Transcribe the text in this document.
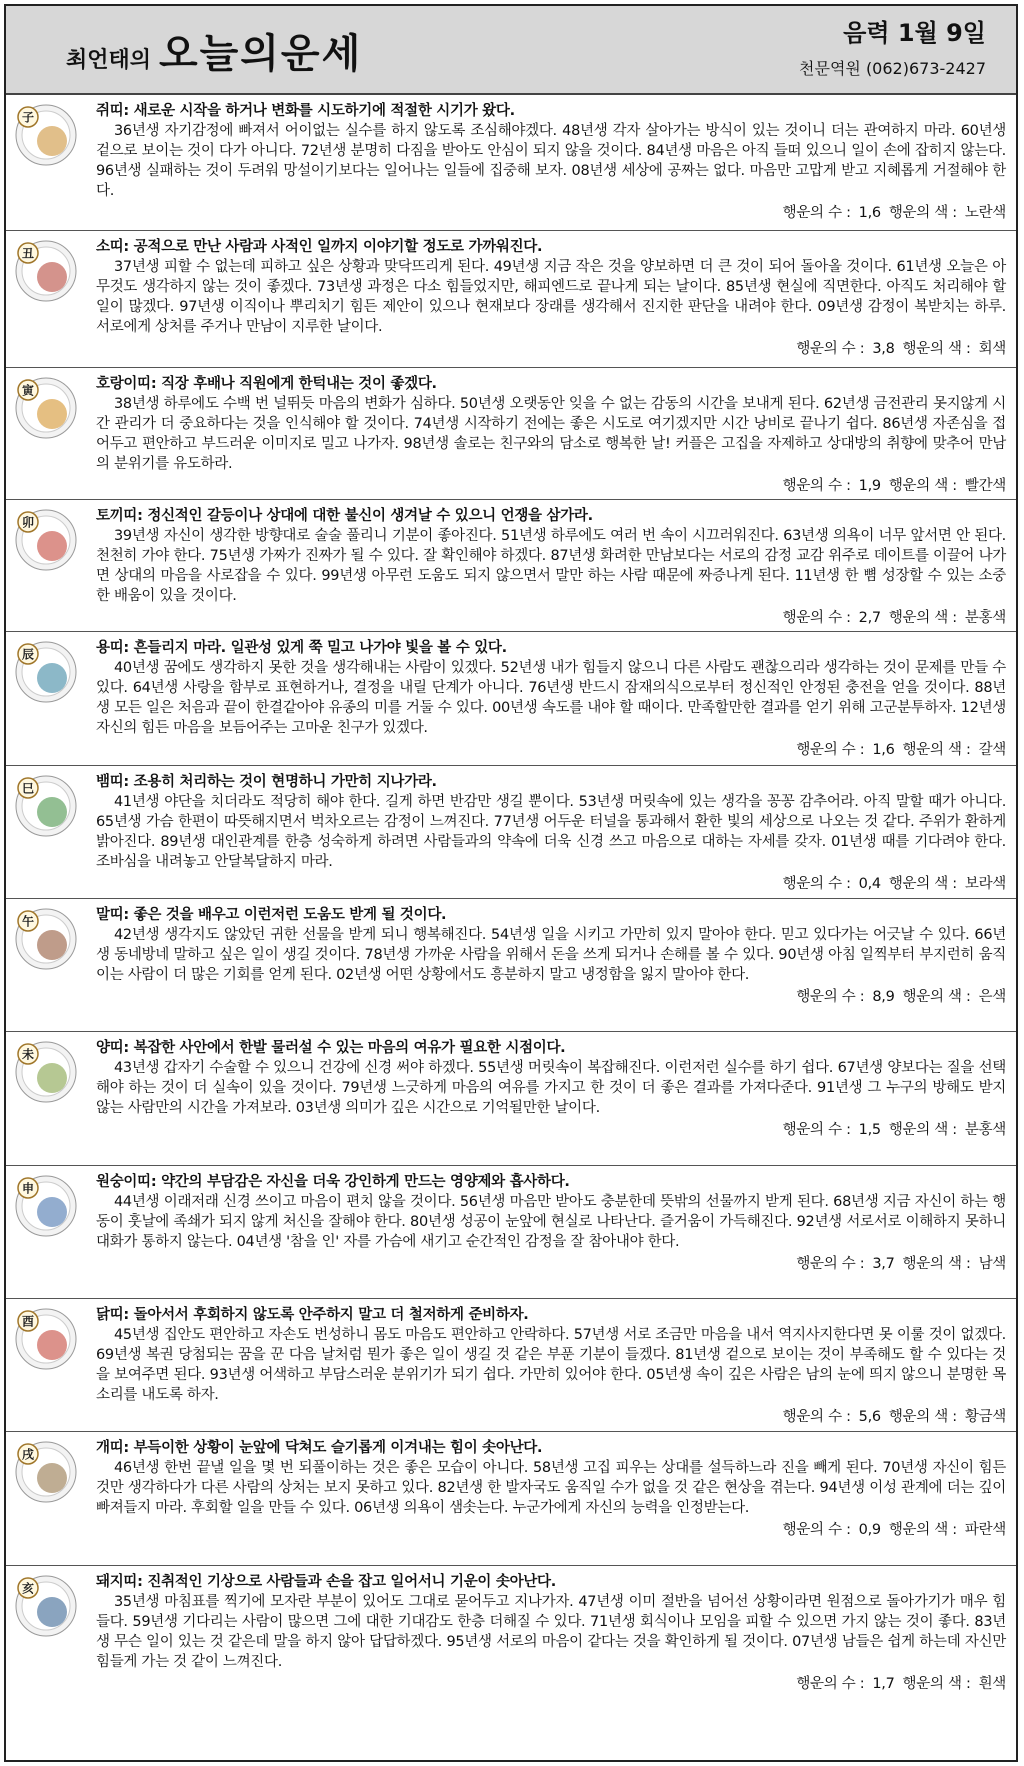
최언태의 오늘의운세	음력 1월 9일
천문역원 (062)673-2427
子	쥐띠: 새로운 시작을 하거나 변화를 시도하기에 적절한 시기가 왔다.
36년생 자기감정에 빠져서 어이없는 실수를 하지 않도록 조심해야겠다. 48년생 각자 살아가는 방식이 있는 것이니 더는 관여하지 마라. 60년생 겉으로 보이는 것이 다가 아니다. 72년생 분명히 다짐을 받아도 안심이 되지 않을 것이다. 84년생 마음은 아직 들떠 있으니 일이 손에 잡히지 않는다. 96년생 실패하는 것이 두려워 망설이기보다는 일어나는 일들에 집중해 보자. 08년생 세상에 공짜는 없다. 마음만 고맙게 받고 지혜롭게 거절해야 한다.
행운의 수 : 1,6 행운의 색 : 노란색
丑	소띠: 공적으로 만난 사람과 사적인 일까지 이야기할 정도로 가까워진다.
37년생 피할 수 없는데 피하고 싶은 상황과 맞닥뜨리게 된다. 49년생 지금 작은 것을 양보하면 더 큰 것이 되어 돌아올 것이다. 61년생 오늘은 아무것도 생각하지 않는 것이 좋겠다. 73년생 과정은 다소 힘들었지만, 해피엔드로 끝나게 되는 날이다. 85년생 현실에 직면한다. 아직도 처리해야 할 일이 많겠다. 97년생 이직이나 뿌리치기 힘든 제안이 있으나 현재보다 장래를 생각해서 진지한 판단을 내려야 한다. 09년생 감정이 복받치는 하루. 서로에게 상처를 주거나 만남이 지루한 날이다.
행운의 수 : 3,8 행운의 색 : 회색
寅	호랑이띠: 직장 후배나 직원에게 한턱내는 것이 좋겠다.
38년생 하루에도 수백 번 널뛰듯 마음의 변화가 심하다. 50년생 오랫동안 잊을 수 없는 감동의 시간을 보내게 된다. 62년생 금전관리 못지않게 시간 관리가 더 중요하다는 것을 인식해야 할 것이다. 74년생 시작하기 전에는 좋은 시도로 여기겠지만 시간 낭비로 끝나기 쉽다. 86년생 자존심을 접어두고 편안하고 부드러운 이미지로 밀고 나가자. 98년생 솔로는 친구와의 담소로 행복한 날! 커플은 고집을 자제하고 상대방의 취향에 맞추어 만남의 분위기를 유도하라.
행운의 수 : 1,9 행운의 색 : 빨간색
卯	토끼띠: 정신적인 갈등이나 상대에 대한 불신이 생겨날 수 있으니 언쟁을 삼가라.
39년생 자신이 생각한 방향대로 술술 풀리니 기분이 좋아진다. 51년생 하루에도 여러 번 속이 시끄러워진다. 63년생 의욕이 너무 앞서면 안 된다. 천천히 가야 한다. 75년생 가짜가 진짜가 될 수 있다. 잘 확인해야 하겠다. 87년생 화려한 만남보다는 서로의 감정 교감 위주로 데이트를 이끌어 나가면 상대의 마음을 사로잡을 수 있다. 99년생 아무런 도움도 되지 않으면서 말만 하는 사람 때문에 짜증나게 된다. 11년생 한 뼘 성장할 수 있는 소중한 배움이 있을 것이다.
행운의 수 : 2,7 행운의 색 : 분홍색
辰	용띠: 흔들리지 마라. 일관성 있게 쭉 밀고 나가야 빛을 볼 수 있다.
40년생 꿈에도 생각하지 못한 것을 생각해내는 사람이 있겠다. 52년생 내가 힘들지 않으니 다른 사람도 괜찮으리라 생각하는 것이 문제를 만들 수 있다. 64년생 사랑을 함부로 표현하거나, 결정을 내릴 단계가 아니다. 76년생 반드시 잠재의식으로부터 정신적인 안정된 충전을 얻을 것이다. 88년생 모든 일은 처음과 끝이 한결같아야 유종의 미를 거둘 수 있다. 00년생 속도를 내야 할 때이다. 만족할만한 결과를 얻기 위해 고군분투하자. 12년생 자신의 힘든 마음을 보듬어주는 고마운 친구가 있겠다.
행운의 수 : 1,6 행운의 색 : 갈색
巳	뱀띠: 조용히 처리하는 것이 현명하니 가만히 지나가라.
41년생 야단을 치더라도 적당히 해야 한다. 길게 하면 반감만 생길 뿐이다. 53년생 머릿속에 있는 생각을 꽁꽁 감추어라. 아직 말할 때가 아니다. 65년생 가슴 한편이 따뜻해지면서 벅차오르는 감정이 느껴진다. 77년생 어두운 터널을 통과해서 환한 빛의 세상으로 나오는 것 같다. 주위가 환하게 밝아진다. 89년생 대인관계를 한층 성숙하게 하려면 사람들과의 약속에 더욱 신경 쓰고 마음으로 대하는 자세를 갖자. 01년생 때를 기다려야 한다. 조바심을 내려놓고 안달복달하지 마라.
행운의 수 : 0,4 행운의 색 : 보라색
午	말띠: 좋은 것을 배우고 이런저런 도움도 받게 될 것이다.
42년생 생각지도 않았던 귀한 선물을 받게 되니 행복해진다. 54년생 일을 시키고 가만히 있지 말아야 한다. 믿고 있다가는 어긋날 수 있다. 66년생 동네방네 말하고 싶은 일이 생길 것이다. 78년생 가까운 사람을 위해서 돈을 쓰게 되거나 손해를 볼 수 있다. 90년생 아침 일찍부터 부지런히 움직이는 사람이 더 많은 기회를 얻게 된다. 02년생 어떤 상황에서도 흥분하지 말고 냉정함을 잃지 말아야 한다.
행운의 수 : 8,9 행운의 색 : 은색
未	양띠: 복잡한 사안에서 한발 물러설 수 있는 마음의 여유가 필요한 시점이다.
43년생 갑자기 수술할 수 있으니 건강에 신경 써야 하겠다. 55년생 머릿속이 복잡해진다. 이런저런 실수를 하기 쉽다. 67년생 양보다는 질을 선택해야 하는 것이 더 실속이 있을 것이다. 79년생 느긋하게 마음의 여유를 가지고 한 것이 더 좋은 결과를 가져다준다. 91년생 그 누구의 방해도 받지 않는 사람만의 시간을 가져보라. 03년생 의미가 깊은 시간으로 기억될만한 날이다.
행운의 수 : 1,5 행운의 색 : 분홍색
申	원숭이띠: 약간의 부담감은 자신을 더욱 강인하게 만드는 영양제와 흡사하다.
44년생 이래저래 신경 쓰이고 마음이 편치 않을 것이다. 56년생 마음만 받아도 충분한데 뜻밖의 선물까지 받게 된다. 68년생 지금 자신이 하는 행동이 훗날에 족쇄가 되지 않게 처신을 잘해야 한다. 80년생 성공이 눈앞에 현실로 나타난다. 즐거움이 가득해진다. 92년생 서로서로 이해하지 못하니 대화가 통하지 않는다. 04년생 '참을 인' 자를 가슴에 새기고 순간적인 감정을 잘 참아내야 한다.
행운의 수 : 3,7 행운의 색 : 남색
酉	닭띠: 돌아서서 후회하지 않도록 안주하지 말고 더 철저하게 준비하자.
45년생 집안도 편안하고 자손도 번성하니 몸도 마음도 편안하고 안락하다. 57년생 서로 조금만 마음을 내서 역지사지한다면 못 이룰 것이 없겠다. 69년생 복권 당첨되는 꿈을 꾼 다음 날처럼 뭔가 좋은 일이 생길 것 같은 부푼 기분이 들겠다. 81년생 겉으로 보이는 것이 부족해도 할 수 있다는 것을 보여주면 된다. 93년생 어색하고 부담스러운 분위기가 되기 쉽다. 가만히 있어야 한다. 05년생 속이 깊은 사람은 남의 눈에 띄지 않으니 분명한 목소리를 내도록 하자.
행운의 수 : 5,6 행운의 색 : 황금색
戌	개띠: 부득이한 상황이 눈앞에 닥쳐도 슬기롭게 이겨내는 힘이 솟아난다.
46년생 한번 끝낼 일을 몇 번 되풀이하는 것은 좋은 모습이 아니다. 58년생 고집 피우는 상대를 설득하느라 진을 빼게 된다. 70년생 자신이 힘든 것만 생각하다가 다른 사람의 상처는 보지 못하고 있다. 82년생 한 발자국도 움직일 수가 없을 것 같은 현상을 겪는다. 94년생 이성 관계에 더는 깊이 빠져들지 마라. 후회할 일을 만들 수 있다. 06년생 의욕이 샘솟는다. 누군가에게 자신의 능력을 인정받는다.
행운의 수 : 0,9 행운의 색 : 파란색
亥	돼지띠: 진취적인 기상으로 사람들과 손을 잡고 일어서니 기운이 솟아난다.
35년생 마침표를 찍기에 모자란 부분이 있어도 그대로 묻어두고 지나가자. 47년생 이미 절반을 넘어선 상황이라면 원점으로 돌아가기가 매우 힘들다. 59년생 기다리는 사람이 많으면 그에 대한 기대감도 한층 더해질 수 있다. 71년생 회식이나 모임을 피할 수 있으면 가지 않는 것이 좋다. 83년생 무슨 일이 있는 것 같은데 말을 하지 않아 답답하겠다. 95년생 서로의 마음이 같다는 것을 확인하게 될 것이다. 07년생 남들은 쉽게 하는데 자신만 힘들게 가는 것 같이 느껴진다.
행운의 수 : 1,7 행운의 색 : 흰색
